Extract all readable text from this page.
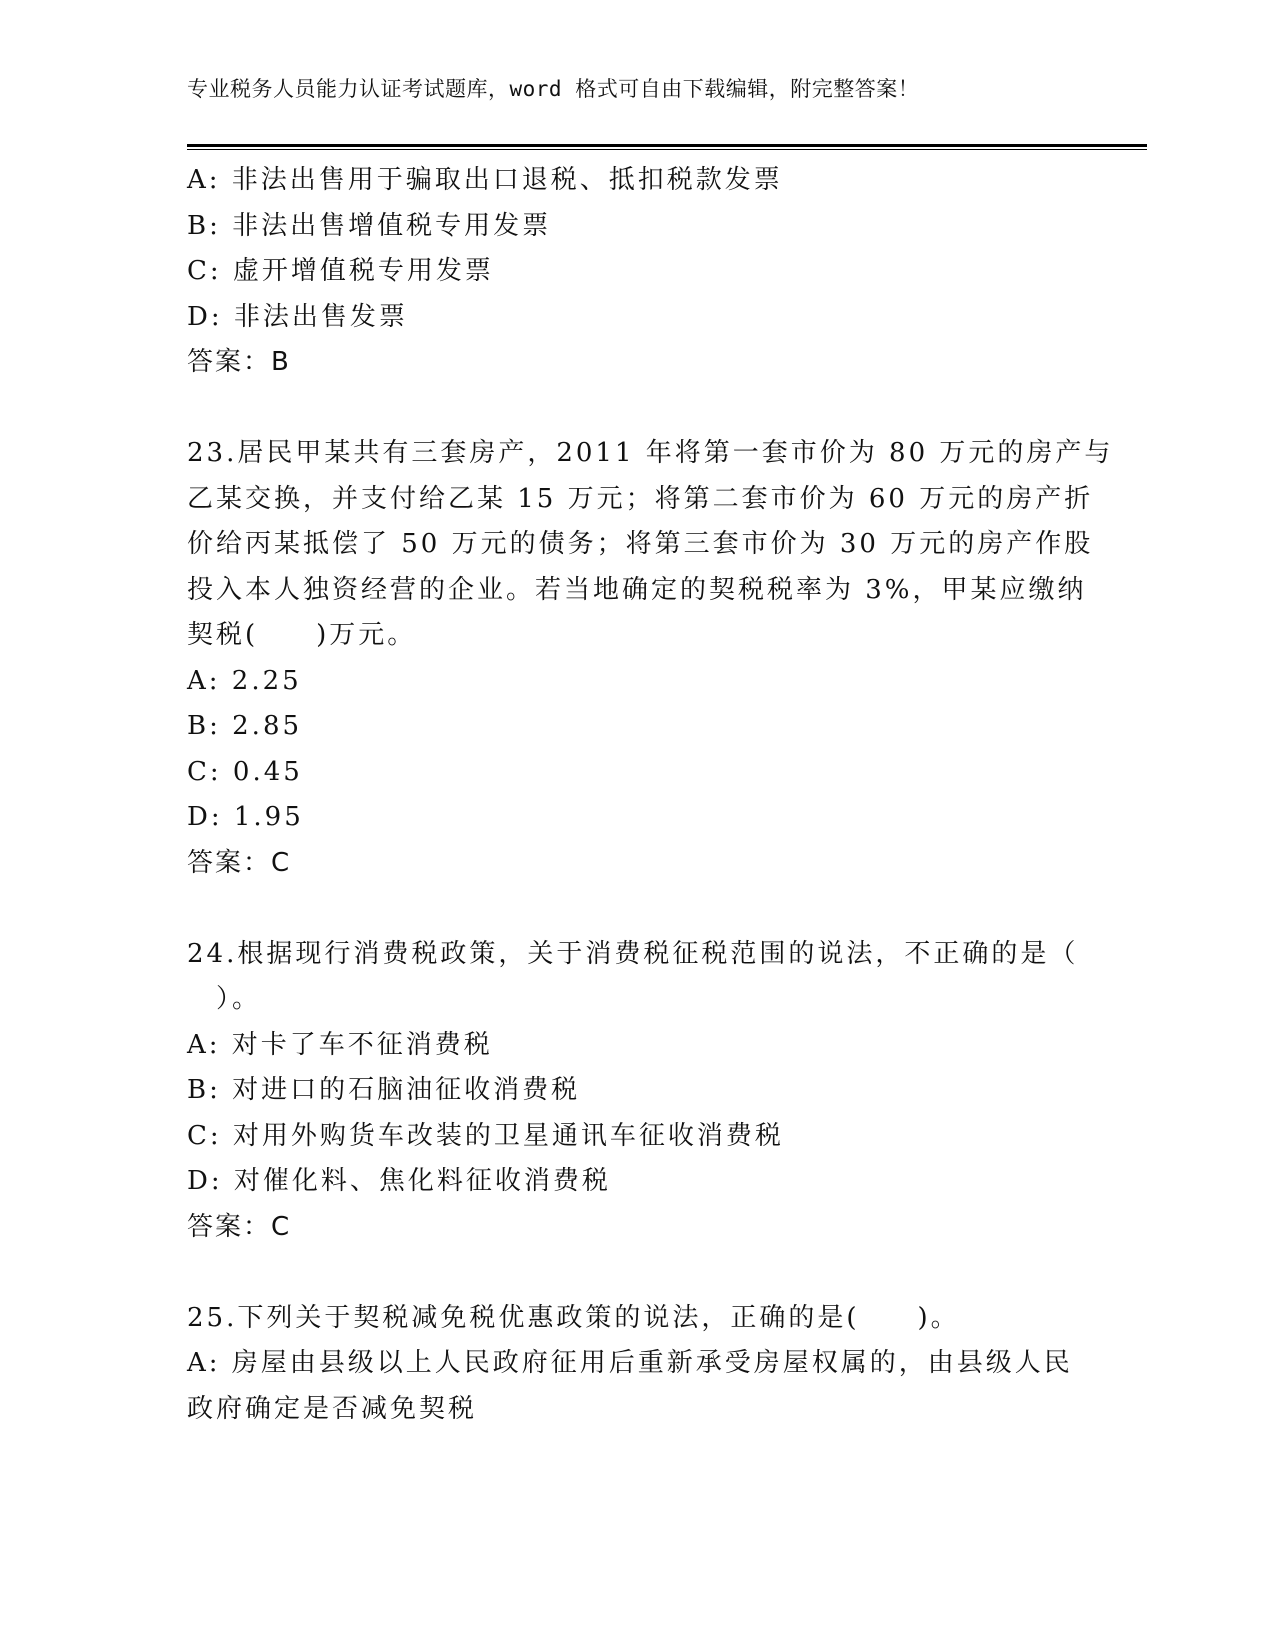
专业税务人员能力认证考试题库，word 格式可自由下载编辑，附完整答案！
A: 非法出售用于骗取出口退税、抵扣税款发票
B: 非法出售增值税专用发票
C: 虚开增值税专用发票
D: 非法出售发票
答案：B
23.居民甲某共有三套房产，2011 年将第一套市价为 80 万元的房产与
乙某交换，并支付给乙某 15 万元；将第二套市价为 60 万元的房产折
价给丙某抵偿了 50 万元的债务；将第三套市价为 30 万元的房产作股
投入本人独资经营的企业。若当地确定的契税税率为 3%，甲某应缴纳
契税(　　)万元。
A: 2.25
B: 2.85
C: 0.45
D: 1.95
答案：C
24.根据现行消费税政策，关于消费税征税范围的说法，不正确的是（
　）。
A: 对卡了车不征消费税
B: 对进口的石脑油征收消费税
C: 对用外购货车改装的卫星通讯车征收消费税
D: 对催化料、焦化料征收消费税
答案：C
25.下列关于契税减免税优惠政策的说法，正确的是(　　)。
A: 房屋由县级以上人民政府征用后重新承受房屋权属的，由县级人民
政府确定是否减免契税
